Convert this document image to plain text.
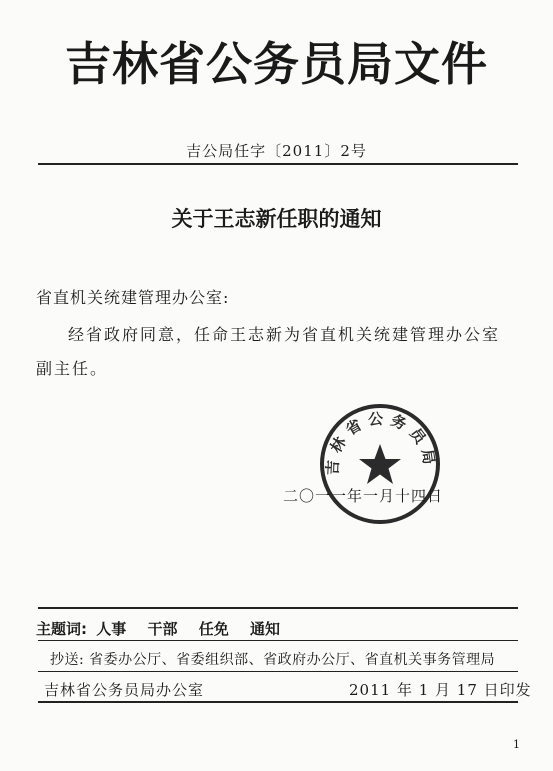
吉林省公务员局文件
吉公局任字〔2011〕2号
关于王志新任职的通知
省直机关统建管理办公室:
经省政府同意，任命王志新为省直机关统建管理办公室副主任。
二〇一一年一月十四日
吉林省公务员局
主题词: 人事 干部 任免 通知
抄送: 省委办公厅、省委组织部、省政府办公厅、省直机关事务管理局
吉林省公务员局办公室	2011 年 1 月 17 日印发
1
